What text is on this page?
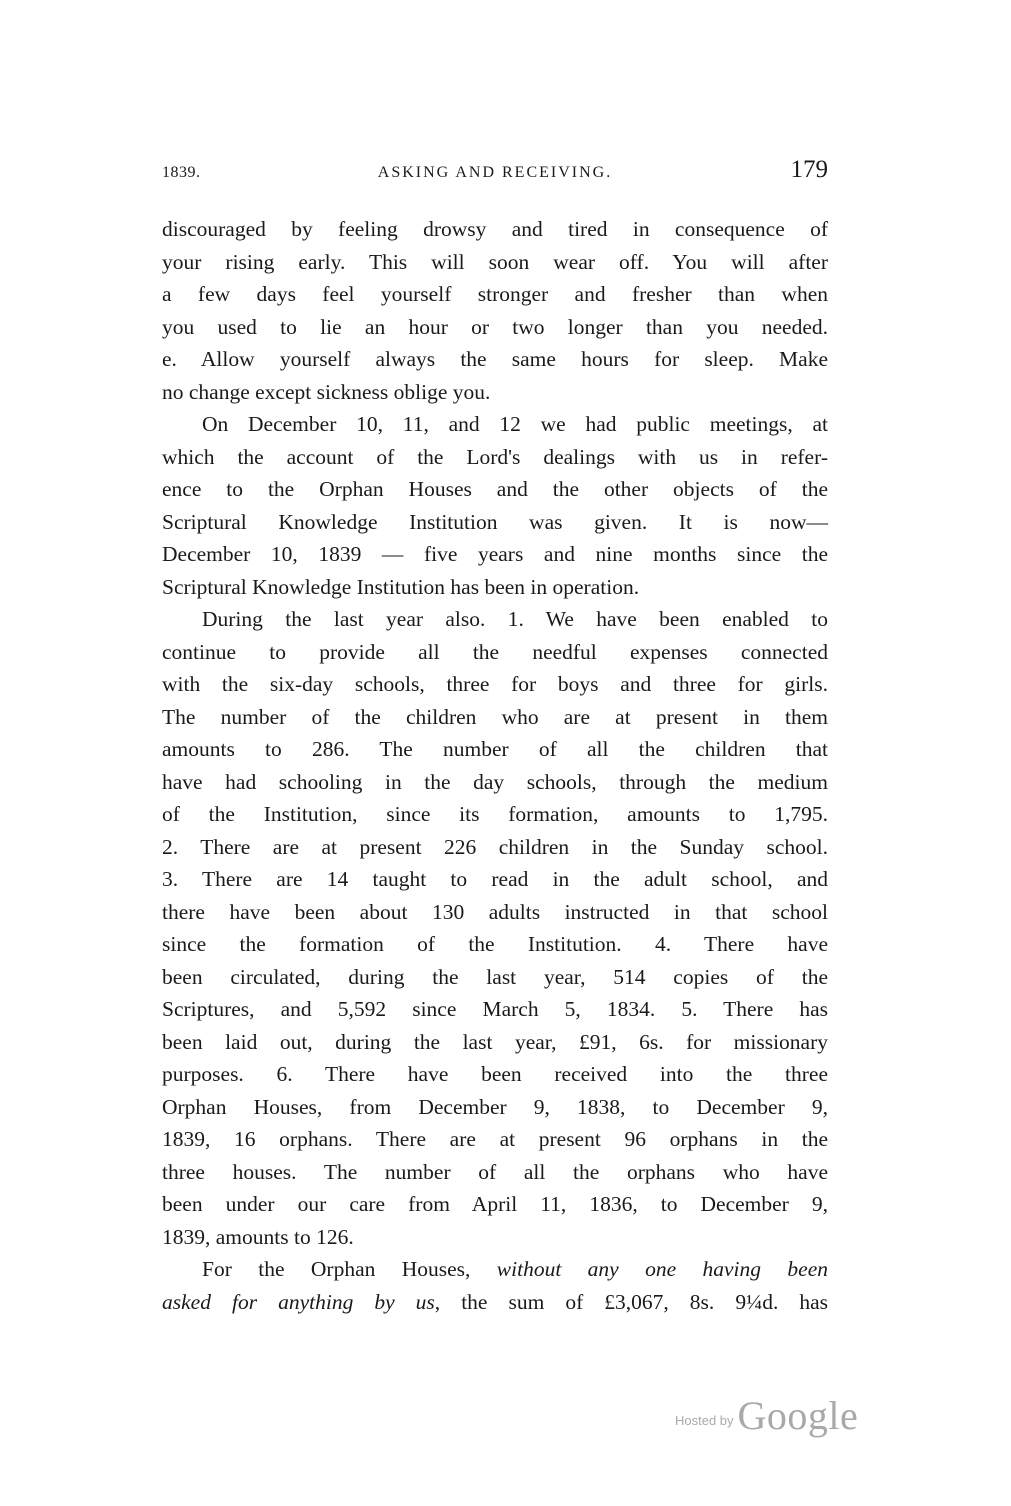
1839.	ASKING AND RECEIVING.	179
discouraged by feeling drowsy and tired in consequence of
your rising early. This will soon wear off. You will after
a few days feel yourself stronger and fresher than when
you used to lie an hour or two longer than you needed.
e. Allow yourself always the same hours for sleep. Make
no change except sickness oblige you.
On December 10, 11, and 12 we had public meetings, at
which the account of the Lord's dealings with us in refer-
ence to the Orphan Houses and the other objects of the
Scriptural Knowledge Institution was given. It is now—
December 10, 1839 — five years and nine months since the
Scriptural Knowledge Institution has been in operation.
During the last year also. 1. We have been enabled to
continue to provide all the needful expenses connected
with the six-day schools, three for boys and three for girls.
The number of the children who are at present in them
amounts to 286. The number of all the children that
have had schooling in the day schools, through the medium
of the Institution, since its formation, amounts to 1,795.
2. There are at present 226 children in the Sunday school.
3. There are 14 taught to read in the adult school, and
there have been about 130 adults instructed in that school
since the formation of the Institution. 4. There have
been circulated, during the last year, 514 copies of the
Scriptures, and 5,592 since March 5, 1834. 5. There has
been laid out, during the last year, £91, 6s. for missionary
purposes. 6. There have been received into the three
Orphan Houses, from December 9, 1838, to December 9,
1839, 16 orphans. There are at present 96 orphans in the
three houses. The number of all the orphans who have
been under our care from April 11, 1836, to December 9,
1839, amounts to 126.
For the Orphan Houses, without any one having been
asked for anything by us, the sum of £3,067, 8s. 9¼d. has
$^{Hosted by}$ Google
